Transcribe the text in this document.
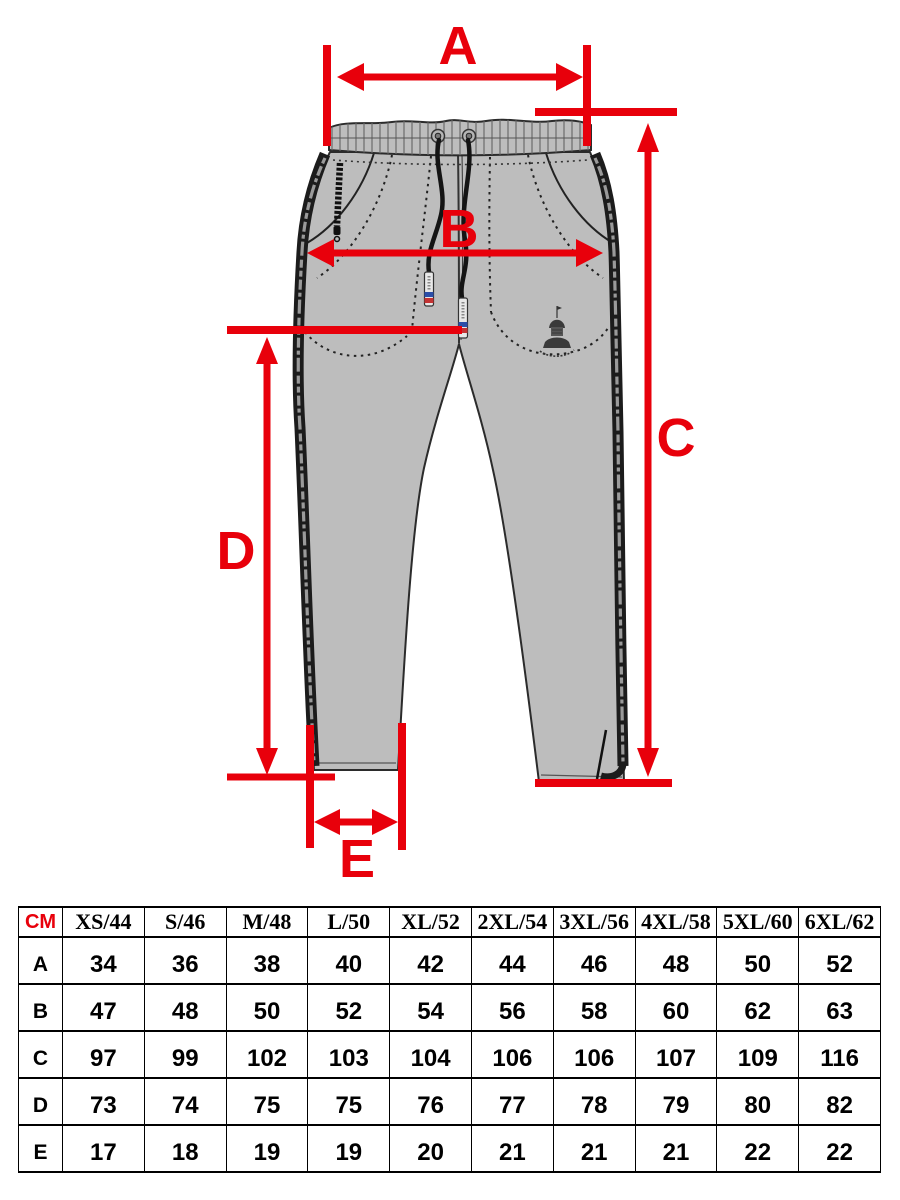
A
B
C
D
E
CM	XS/44	S/46	M/48	L/50	XL/52	2XL/54	3XL/56	4XL/58	5XL/60	6XL/62
A	34	36	38	40	42	44	46	48	50	52
B	47	48	50	52	54	56	58	60	62	63
C	97	99	102	103	104	106	106	107	109	116
D	73	74	75	75	76	77	78	79	80	82
E	17	18	19	19	20	21	21	21	22	22
